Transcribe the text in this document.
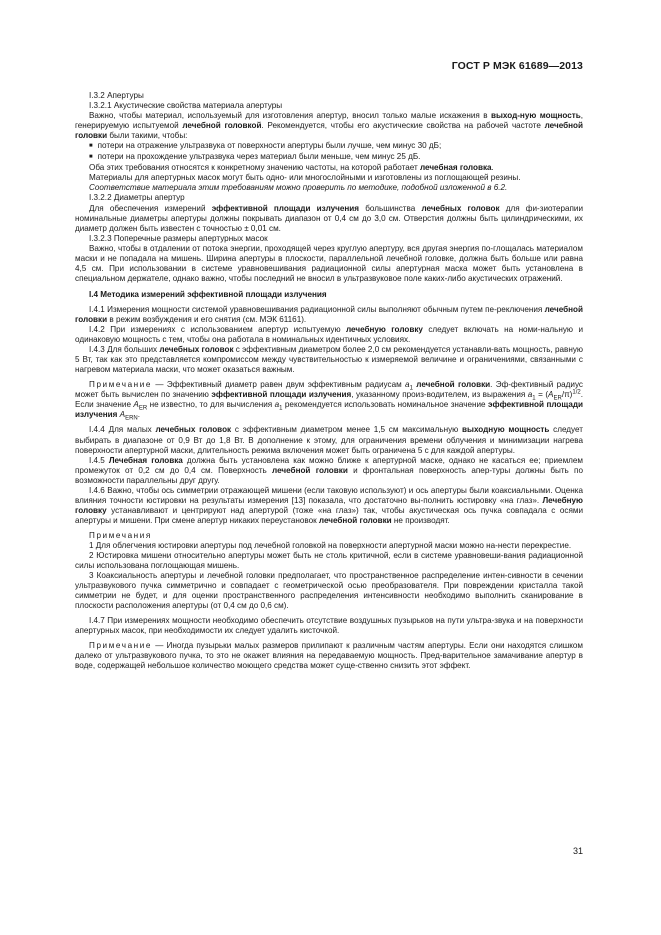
ГОСТ Р МЭК 61689—2013

I.3.2 Апертуры

I.3.2.1 Акустические свойства материала апертуры

Важно, чтобы материал, используемый для изготовления апертур, вносил только малые искажения в выход-ную мощность, генерируемую испытуемой лечебной головкой. Рекомендуется, чтобы его акустические свойства на рабочей частоте лечебной головки были такими, чтобы:

■ потери на отражение ультразвука от поверхности апертуры были лучше, чем минус 30 дБ;

■ потери на прохождение ультразвука через материал были меньше, чем минус 25 дБ.

Оба этих требования относятся к конкретному значению частоты, на которой работает лечебная головка.

Материалы для апертурных масок могут быть одно- или многослойными и изготовлены из поглощающей резины.

Соответствие материала этим требованиям можно проверить по методике, подобной изложенной в 6.2.

I.3.2.2 Диаметры апертур

Для обеспечения измерений эффективной площади излучения большинства лечебных головок для фи-зиотерапии номинальные диаметры апертуры должны покрывать диапазон от 0,4 см до 3,0 см. Отверстия должны быть цилиндрическими, их диаметр должен быть известен с точностью ± 0,01 см.

I.3.2.3 Поперечные размеры апертурных масок

Важно, чтобы в отдалении от потока энергии, проходящей через круглую апертуру, вся другая энергия по-глощалась материалом маски и не попадала на мишень. Ширина апертуры в плоскости, параллельной лечебной головке, должна быть больше или равна 4,5 см. При использовании в системе уравновешивания радиационной силы апертурная маска может быть установлена в специальном держателе, однако важно, чтобы последний не вносил в ультразвуковое поле каких-либо акустических отражений.

I.4 Методика измерений эффективной площади излучения

I.4.1 Измерения мощности системой уравновешивания радиационной силы выполняют обычным путем пе-реключения лечебной головки в режим возбуждения и его снятия (см. МЭК 61161).

I.4.2 При измерениях с использованием апертур испытуемую лечебную головку следует включать на номи-нальную и одинаковую мощность с тем, чтобы она работала в номинальных идентичных условиях.

I.4.3 Для больших лечебных головок с эффективным диаметром более 2,0 см рекомендуется устанавли-вать мощность, равную 5 Вт, так как это представляется компромиссом между чувствительностью к измеряемой величине и ограничениями, связанными с нагревом материала маски, что может оказаться важным.

Примечание — Эффективный диаметр равен двум эффективным радиусам $a_1$ лечебной головки. Эф-фективный радиус может быть вычислен по значению эффективной площади излучения, указанному произ-водителем, из выражения $a_1 = (A_{ER}/\pi)^{1/2}$. Если значение $A_{ER}$ не известно, то для вычисления $a_1$ рекомендуется использовать номинальное значение эффективной площади излучения $A_{ERN}$.

I.4.4 Для малых лечебных головок с эффективным диаметром менее 1,5 см максимальную выходную мощность следует выбирать в диапазоне от 0,9 Вт до 1,8 Вт. В дополнение к этому, для ограничения времени облучения и минимизации нагрева поверхности апертурной маски, длительность режима включения может быть ограничена 5 с для каждой апертуры.

I.4.5 Лечебная головка должна быть установлена как можно ближе к апертурной маске, однако не касаться ее; приемлем промежуток от 0,2 см до 0,4 см. Поверхность лечебной головки и фронтальная поверхность апер-туры должны быть по возможности параллельны друг другу.

I.4.6 Важно, чтобы ось симметрии отражающей мишени (если таковую используют) и ось апертуры были коаксиальными. Оценка влияния точности юстировки на результаты измерения [13] показала, что достаточно вы-полнить юстировку «на глаз». Лечебную головку устанавливают и центрируют над апертурой (тоже «на глаз») так, чтобы акустическая ось пучка совпадала с осями апертуры и мишени. При смене апертур никаких переустановок лечебной головки не производят.

Примечания

1 Для облегчения юстировки апертуры под лечебной головкой на поверхности апертурной маски можно на-нести перекрестие.

2 Юстировка мишени относительно апертуры может быть не столь критичной, если в системе уравновеши-вания радиационной силы использована поглощающая мишень.

3 Коаксиальность апертуры и лечебной головки предполагает, что пространственное распределение интен-сивности в сечении ультразвукового пучка симметрично и совпадает с геометрической осью преобразователя. При повреждении кристалла такой симметрии не будет, и для оценки пространственного распределения интенсивности необходимо выполнить сканирование в плоскости расположения апертуры (от 0,4 см до 0,6 см).

I.4.7 При измерениях мощности необходимо обеспечить отсутствие воздушных пузырьков на пути ультра-звука и на поверхности апертурных масок, при необходимости их следует удалить кисточкой.

Примечание — Иногда пузырьки малых размеров прилипают к различным частям апертуры. Если они находятся слишком далеко от ультразвукового пучка, то это не окажет влияния на передаваемую мощность. Пред-варительное замачивание апертур в воде, содержащей небольшое количество моющего средства может суще-ственно снизить этот эффект.

31
